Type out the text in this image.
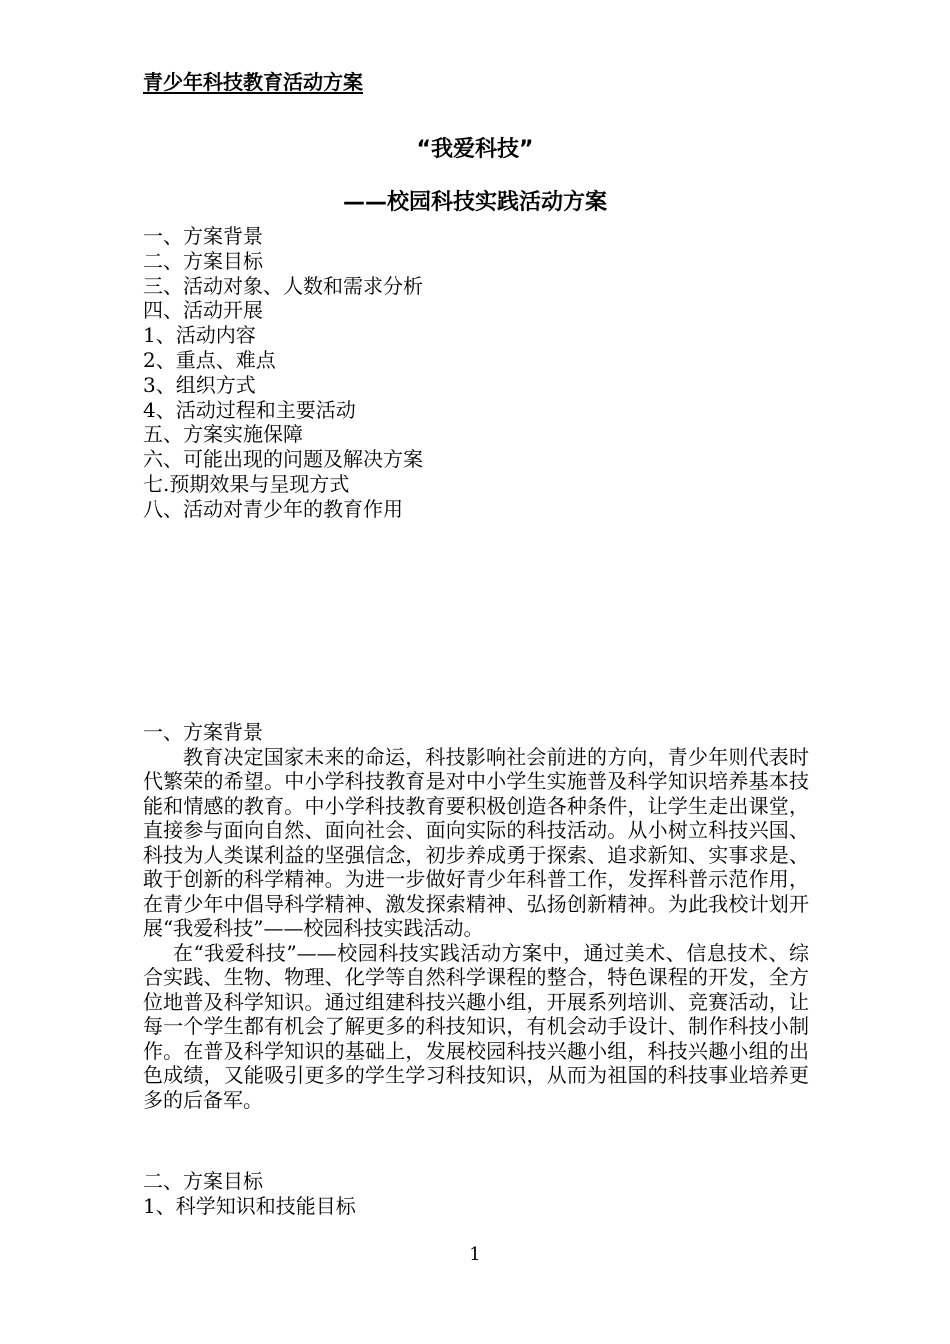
青少年科技教育活动方案
“我爱科技”
——校园科技实践活动方案
一、方案背景
二、方案目标
三、活动对象、人数和需求分析
四、活动开展
1、活动内容
2、重点、难点
3、组织方式
4、活动过程和主要活动
五、方案实施保障
六、可能出现的问题及解决方案
七.预期效果与呈现方式
八、活动对青少年的教育作用
一、方案背景

教育决定国家未来的命运，科技影响社会前进的方向，青少年则代表时代繁荣的希望。中小学科技教育是对中小学生实施普及科学知识培养基本技能和情感的教育。中小学科技教育要积极创造各种条件，让学生走出课堂，直接参与面向自然、面向社会、面向实际的科技活动。从小树立科技兴国、科技为人类谋利益的坚强信念，初步养成勇于探索、追求新知、实事求是、敢于创新的科学精神。为进一步做好青少年科普工作，发挥科普示范作用，在青少年中倡导科学精神、激发探索精神、弘扬创新精神。为此我校计划开展“我爱科技”——校园科技实践活动。

在“我爱科技”——校园科技实践活动方案中，通过美术、信息技术、综合实践、生物、物理、化学等自然科学课程的整合，特色课程的开发，全方位地普及科学知识。通过组建科技兴趣小组，开展系列培训、竞赛活动，让每一个学生都有机会了解更多的科技知识，有机会动手设计、制作科技小制作。在普及科学知识的基础上，发展校园科技兴趣小组，科技兴趣小组的出色成绩，又能吸引更多的学生学习科技知识，从而为祖国的科技事业培养更多的后备军。

二、方案目标
1、科学知识和技能目标
1
